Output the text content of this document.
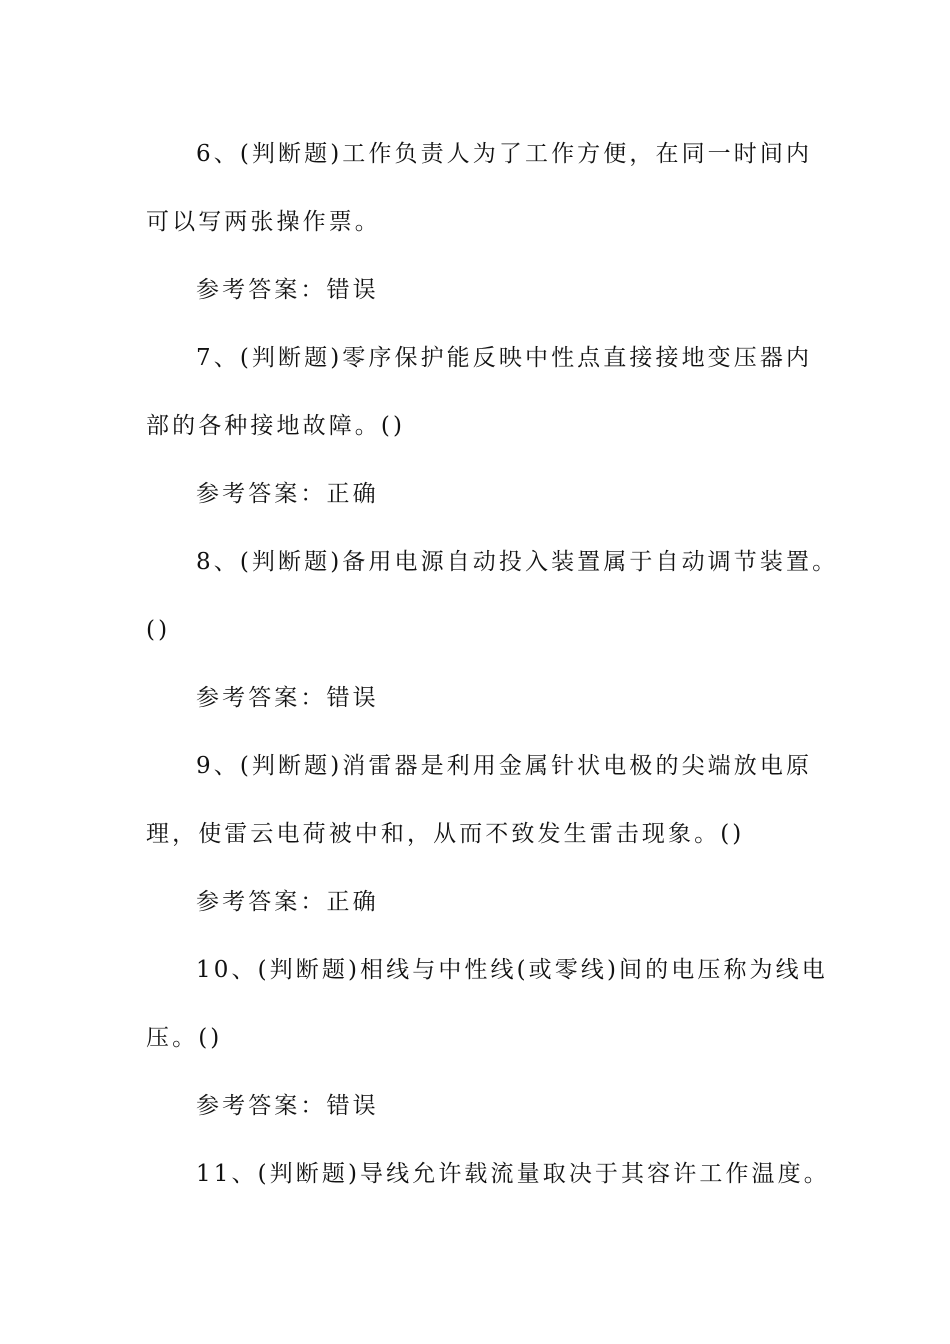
6、(判断题)工作负责人为了工作方便，在同一时间内
可以写两张操作票。
参考答案：错误
7、(判断题)零序保护能反映中性点直接接地变压器内
部的各种接地故障。()
参考答案：正确
8、(判断题)备用电源自动投入装置属于自动调节装置。
()
参考答案：错误
9、(判断题)消雷器是利用金属针状电极的尖端放电原
理，使雷云电荷被中和，从而不致发生雷击现象。()
参考答案：正确
10、(判断题)相线与中性线(或零线)间的电压称为线电
压。()
参考答案：错误
11、(判断题)导线允许载流量取决于其容许工作温度。
